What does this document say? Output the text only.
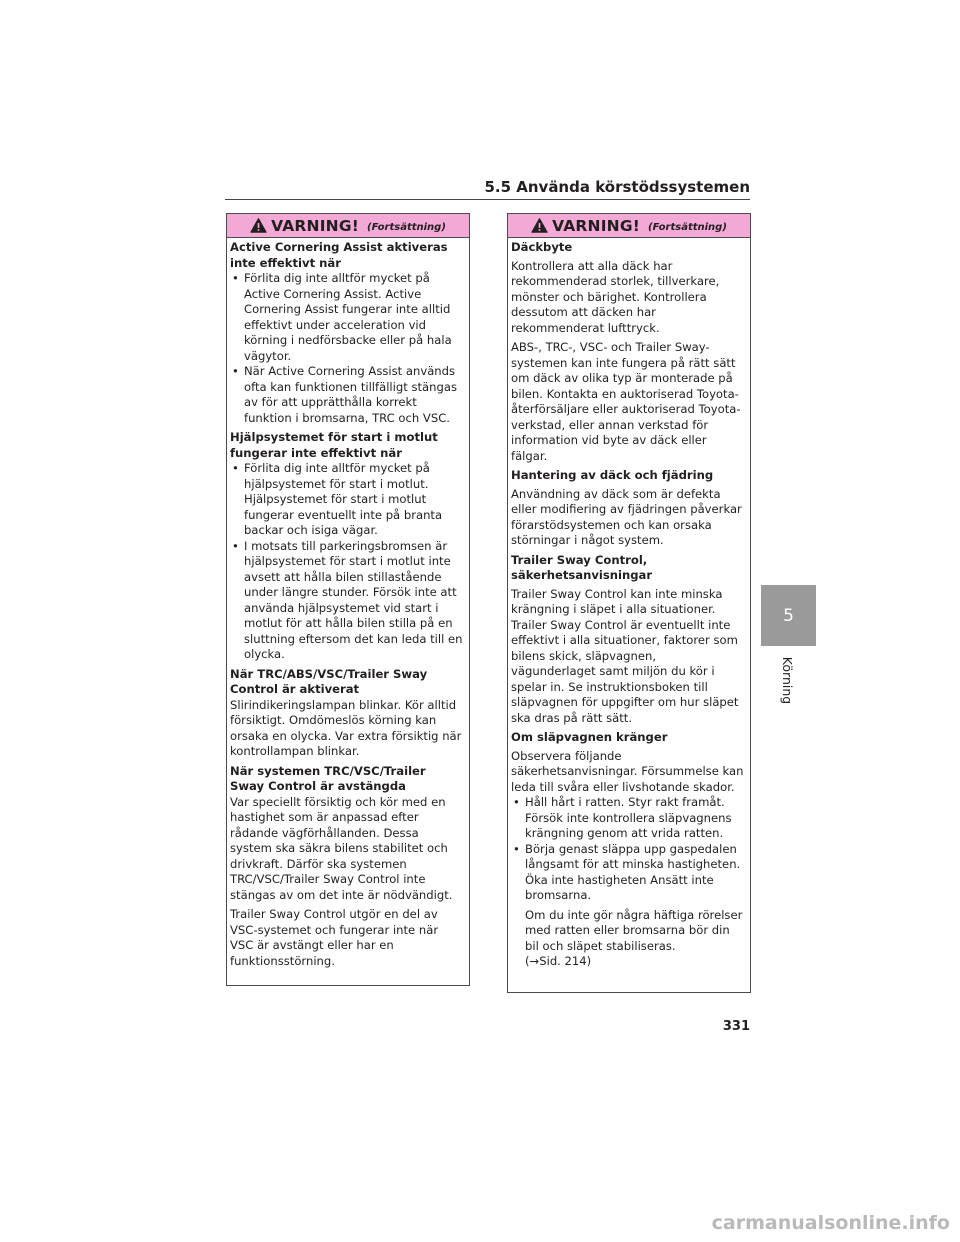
5.5 Använda körstödssystemen
VARNING! (Fortsättning)

Active Cornering Assist aktiveras inte effektivt när

• Förlita dig inte alltför mycket på Active Cornering Assist. Active Cornering Assist fungerar inte alltid effektivt under acceleration vid körning i nedförsbacke eller på hala vägytor.
• När Active Cornering Assist används ofta kan funktionen tillfälligt stängas av för att upprätthålla korrekt funktion i bromsarna, TRC och VSC.

Hjälpsystemet för start i motlut fungerar inte effektivt när

• Förlita dig inte alltför mycket på hjälpsystemet för start i motlut. Hjälpsystemet för start i motlut fungerar eventuellt inte på branta backar och isiga vägar.
• I motsats till parkeringsbromsen är hjälpsystemet för start i motlut inte avsett att hålla bilen stillastående under längre stunder. Försök inte att använda hjälpsystemet vid start i motlut för att hålla bilen stilla på en sluttning eftersom det kan leda till en olycka.

När TRC/ABS/VSC/Trailer Sway Control är aktiverat

Slirindikeringslampan blinkar. Kör alltid försiktigt. Omdömeslös körning kan orsaka en olycka. Var extra försiktig när kontrollampan blinkar.

När systemen TRC/VSC/Trailer Sway Control är avstängda

Var speciellt försiktig och kör med en hastighet som är anpassad efter rådande vägförhållanden. Dessa system ska säkra bilens stabilitet och drivkraft. Därför ska systemen TRC/VSC/Trailer Sway Control inte stängas av om det inte är nödvändigt.

Trailer Sway Control utgör en del av VSC-systemet och fungerar inte när VSC är avstängt eller har en funktionsstörning.

VARNING! (Fortsättning)

Däckbyte

Kontrollera att alla däck har rekommenderad storlek, tillverkare, mönster och bärighet. Kontrollera dessutom att däcken har rekommenderat lufttryck.

ABS-, TRC-, VSC- och Trailer Sway-systemen kan inte fungera på rätt sätt om däck av olika typ är monterade på bilen. Kontakta en auktoriserad Toyota-återförsäljare eller auktoriserad Toyota-verkstad, eller annan verkstad för information vid byte av däck eller fälgar.

Hantering av däck och fjädring

Användning av däck som är defekta eller modifiering av fjädringen påverkar förarstödsystemen och kan orsaka störningar i något system.

Trailer Sway Control, säkerhetsanvisningar

Trailer Sway Control kan inte minska krängning i släpet i alla situationer. Trailer Sway Control är eventuellt inte effektivt i alla situationer, faktorer som bilens skick, släpvagnen, vägunderlaget samt miljön du kör i spelar in. Se instruktionsboken till släpvagnen för uppgifter om hur släpet ska dras på rätt sätt.

Om släpvagnen kränger

Observera följande säkerhetsanvisningar. Försummelse kan leda till svåra eller livshotande skador.

• Håll hårt i ratten. Styr rakt framåt. Försök inte kontrollera släpvagnens krängning genom att vrida ratten.
• Börja genast släppa upp gaspedalen långsamt för att minska hastigheten. Öka inte hastigheten Ansätt inte bromsarna.

Om du inte gör några häftiga rörelser med ratten eller bromsarna bör din bil och släpet stabiliseras.
(→Sid. 214)

5
Körning
331
carmanualsonline.info
